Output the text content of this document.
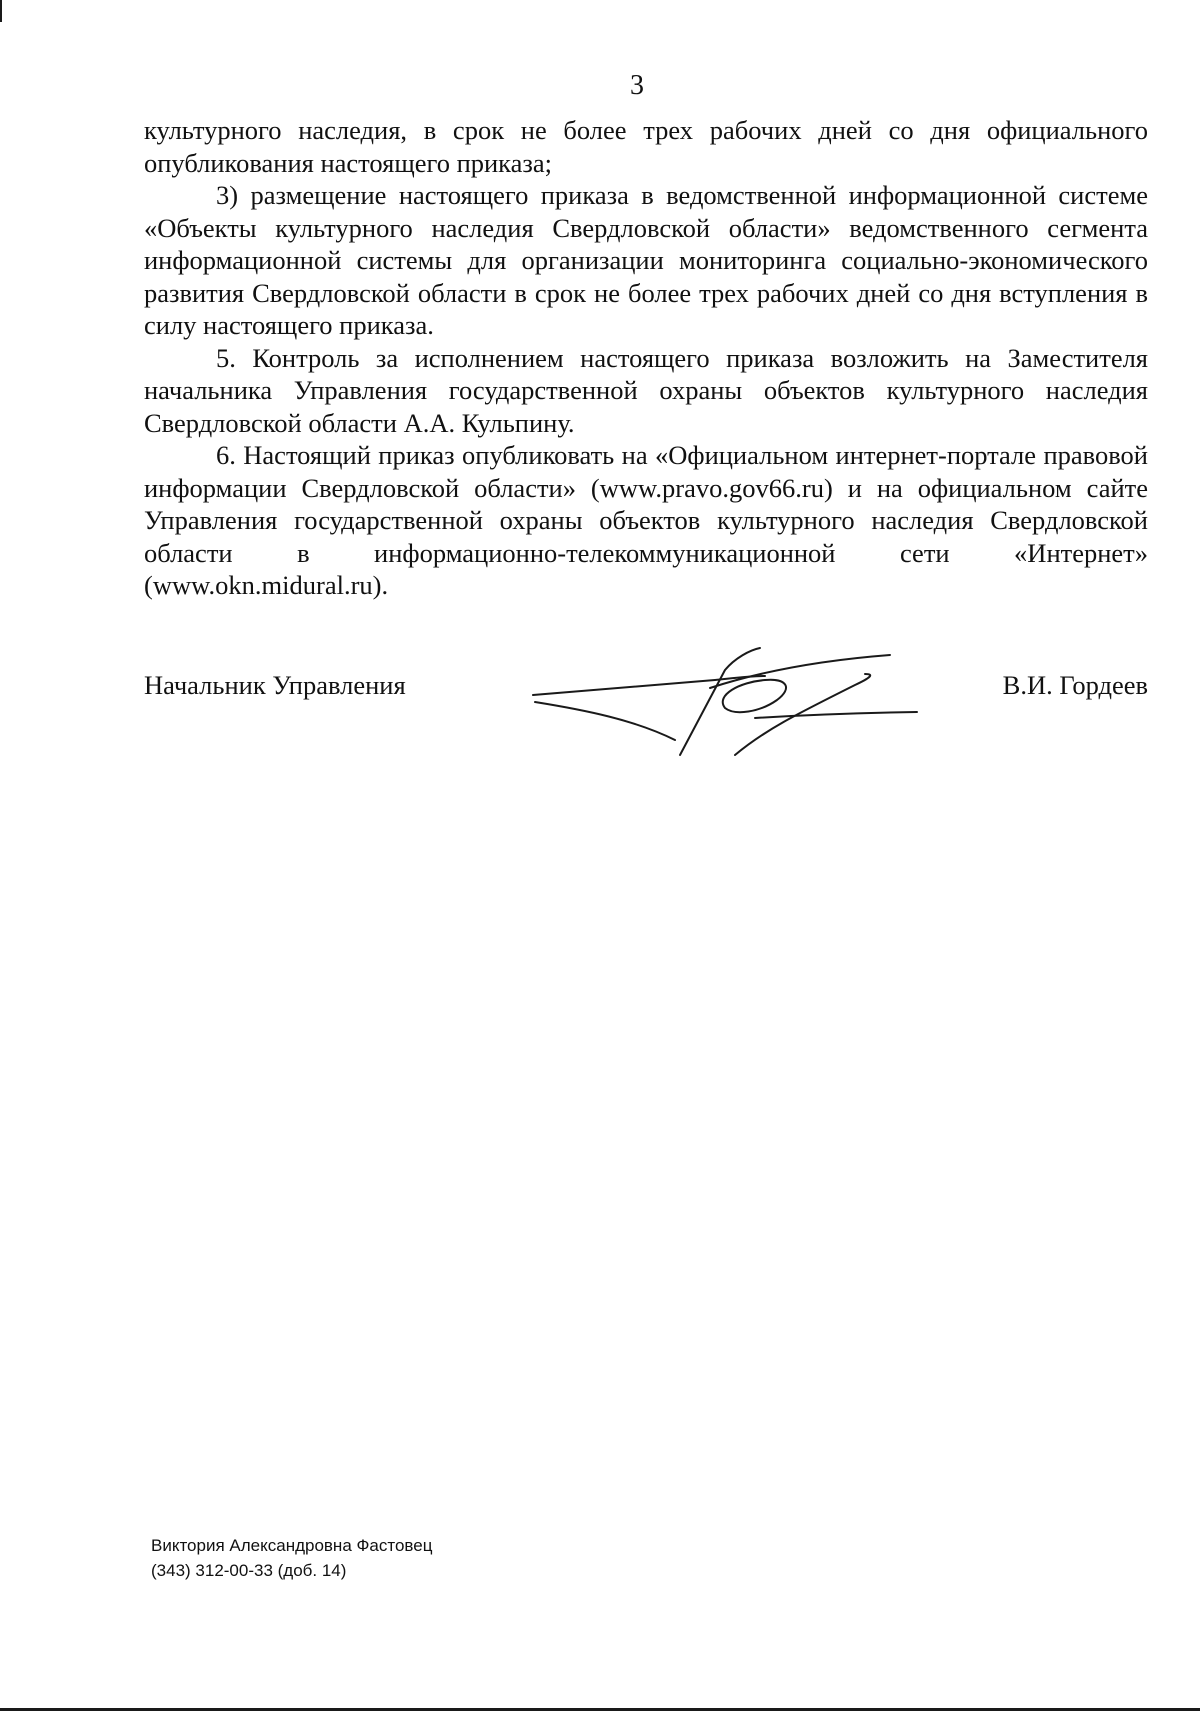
3

культурного наследия, в срок не более трех рабочих дней со дня официального опубликования настоящего приказа;

3) размещение настоящего приказа в ведомственной информационной системе «Объекты культурного наследия Свердловской области» ведомственного сегмента информационной системы для организации мониторинга социально-экономического развития Свердловской области в срок не более трех рабочих дней со дня вступления в силу настоящего приказа.

5. Контроль за исполнением настоящего приказа возложить на Заместителя начальника Управления государственной охраны объектов культурного наследия Свердловской области А.А. Кульпину.

6. Настоящий приказ опубликовать на «Официальном интернет-портале правовой информации Свердловской области» (www.pravo.gov66.ru) и на официальном сайте Управления государственной охраны объектов культурного наследия Свердловской области в информационно-телекоммуникационной сети «Интернет» (www.okn.midural.ru).

Начальник Управления	В.И. Гордеев
Виктория Александровна Фастовец
(343) 312-00-33 (доб. 14)
